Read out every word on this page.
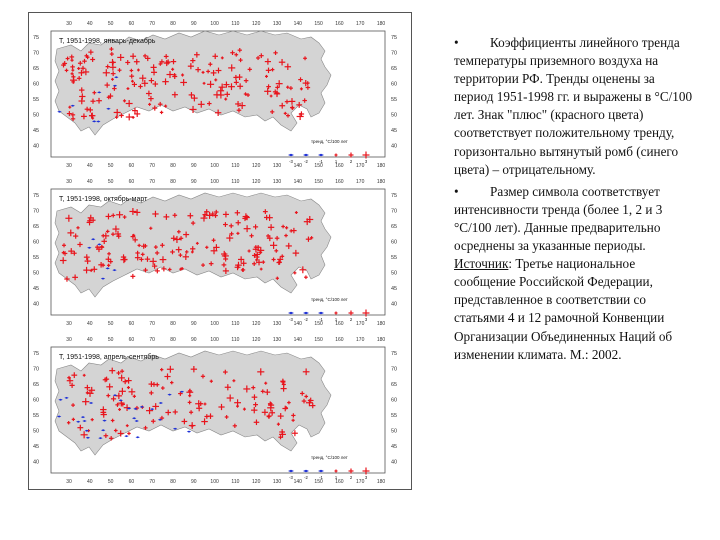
75	75
70	70
65	65
60	60
55	55
50	50
45	45
40	40
30
30
40
40
50
50
60
60
70
70
80
80
90
90
100
100
110
110
120
120
130
130
140
140
150
150
160
160
170
170
180
180
T, 1951-1998, январь-декабрь
тренд, °C/100 лет
-3	-2	-1	1	2	3
75	75
70	70
65	65
60	60
55	55
50	50
45	45
40	40
30
30
40
40
50
50
60
60
70
70
80
80
90
90
100
100
110
110
120
120
130
130
140
140
150
150
160
160
170
170
180
180
T, 1951-1998, октябрь-март
тренд, °C/100 лет
-3	-2	-1	1	2	3
75	75
70	70
65	65
60	60
55	55
50	50
45	45
40	40
30
30
40
40
50
50
60
60
70
70
80
80
90
90
100
100
110
110
120
120
130
130
140
140
150
150
160
160
170
170
180
180
T, 1951-1998, апрель-сентябрь
тренд, °C/100 лет
-3	-2	-1	1	2	3
• Коэффициенты линейного тренда температуры приземного воздуха на территории РФ. Тренды оценены за период 1951-1998 гг. и выражены в °C/100 лет. Знак "плюс" (красного цвета) соответствует положительному тренду, горизонтально вытянутый ромб (синего цвета) – отрицательному.
• Размер символа соответствует интенсивности тренда (более 1, 2 и 3 °C/100 лет). Данные предварительно осреднены за указанные периоды. Источник: Третье национальное сообщение Российской Федерации, представленное в соответствии со статьями 4 и 12 рамочной Конвенции Организации Объединенных Наций об изменении климата. М.: 2002.
